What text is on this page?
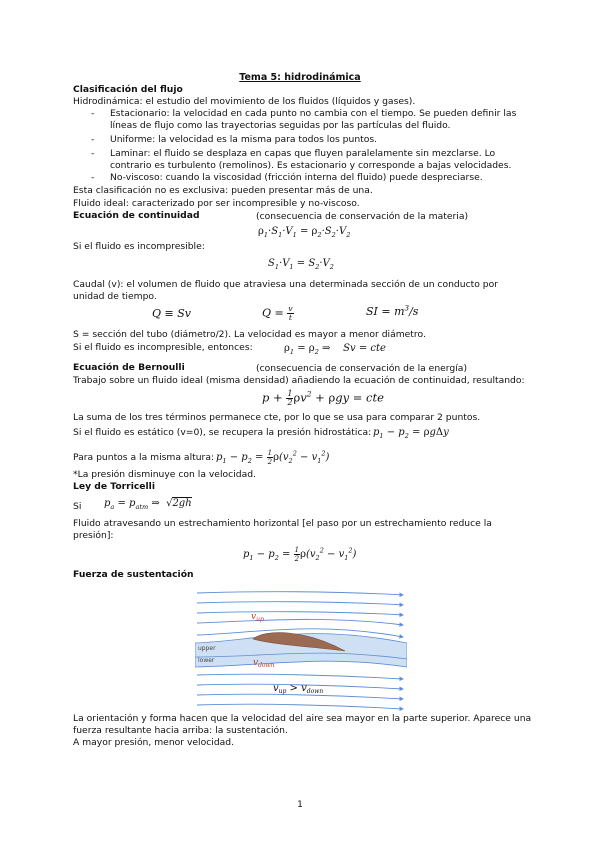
Tema 5: hidrodinámica
Clasificación del flujo
Hidrodinámica: el estudio del movimiento de los fluidos (líquidos y gases).
- Estacionario: la velocidad en cada punto no cambia con el tiempo. Se pueden definir las
líneas de flujo como las trayectorias seguidas por las partículas del fluido.
- Uniforme: la velocidad es la misma para todos los puntos.
- Laminar: el fluido se desplaza en capas que fluyen paralelamente sin mezclarse. Lo
contrario es turbulento (remolinos). Es estacionario y corresponde a bajas velocidades.
- No-viscoso: cuando la viscosidad (fricción interna del fluido) puede despreciarse.
Esta clasificación no es exclusiva: pueden presentar más de una.
Fluido ideal: caracterizado por ser incompresible y no-viscoso.
Ecuación de continuidad	(consecuencia de conservación de la materia)
$\rho_1\cdot S_1\cdot V_1 = \rho_2\cdot S_2\cdot V_2$
Si el fluido es incompresible:
$S_1\cdot V_1 = S_2\cdot V_2$
Caudal (v): el volumen de fluido que atraviesa una determinada sección de un conducto por
unidad de tiempo.
Q ≡ Sv	$Q = \frac{v}{t}$	SI = $m^3/s$
S = sección del tubo (diámetro/2). La velocidad es mayor a menor diámetro.
Si el fluido es incompresible, entonces:	$\rho_1 = \rho_2$ ⇒    Sv = cte
Ecuación de Bernoulli	(consecuencia de conservación de la energía)
Trabajo sobre un fluido ideal (misma densidad) añadiendo la ecuación de continuidad, resultando:
$p + \frac{1}{2} \rho v^2 + \rho gy$ = cte
La suma de los tres términos permanece cte, por lo que se usa para comparar 2 puntos.
Si el fluido es estático (v=0), se recupera la presión hidrostática: $p_1 - p_2 = \rho g\Delta y$
Para puntos a la misma altura: $p_1 - p_2 = \frac{1}{2} \rho(v_2^2 - v_1^2)$
*La presión disminuye con la velocidad.
Ley de Torricelli
Si $p_a = p_{atm}$ ⇒ √2gh
Fluido atravesando un estrechamiento horizontal [el paso por un estrechamiento reduce la
presión]:
$p_1 - p_2 = \frac{1}{2} \rho(v_2^2 - v_1^2)$
Fuerza de sustentación
$v_{up}$
$v_{down}$
upper
lower
$v_{up} > v_{down}$
La orientación y forma hacen que la velocidad del aire sea mayor en la parte superior. Aparece una
fuerza resultante hacia arriba: la sustentación.
A mayor presión, menor velocidad.
1
